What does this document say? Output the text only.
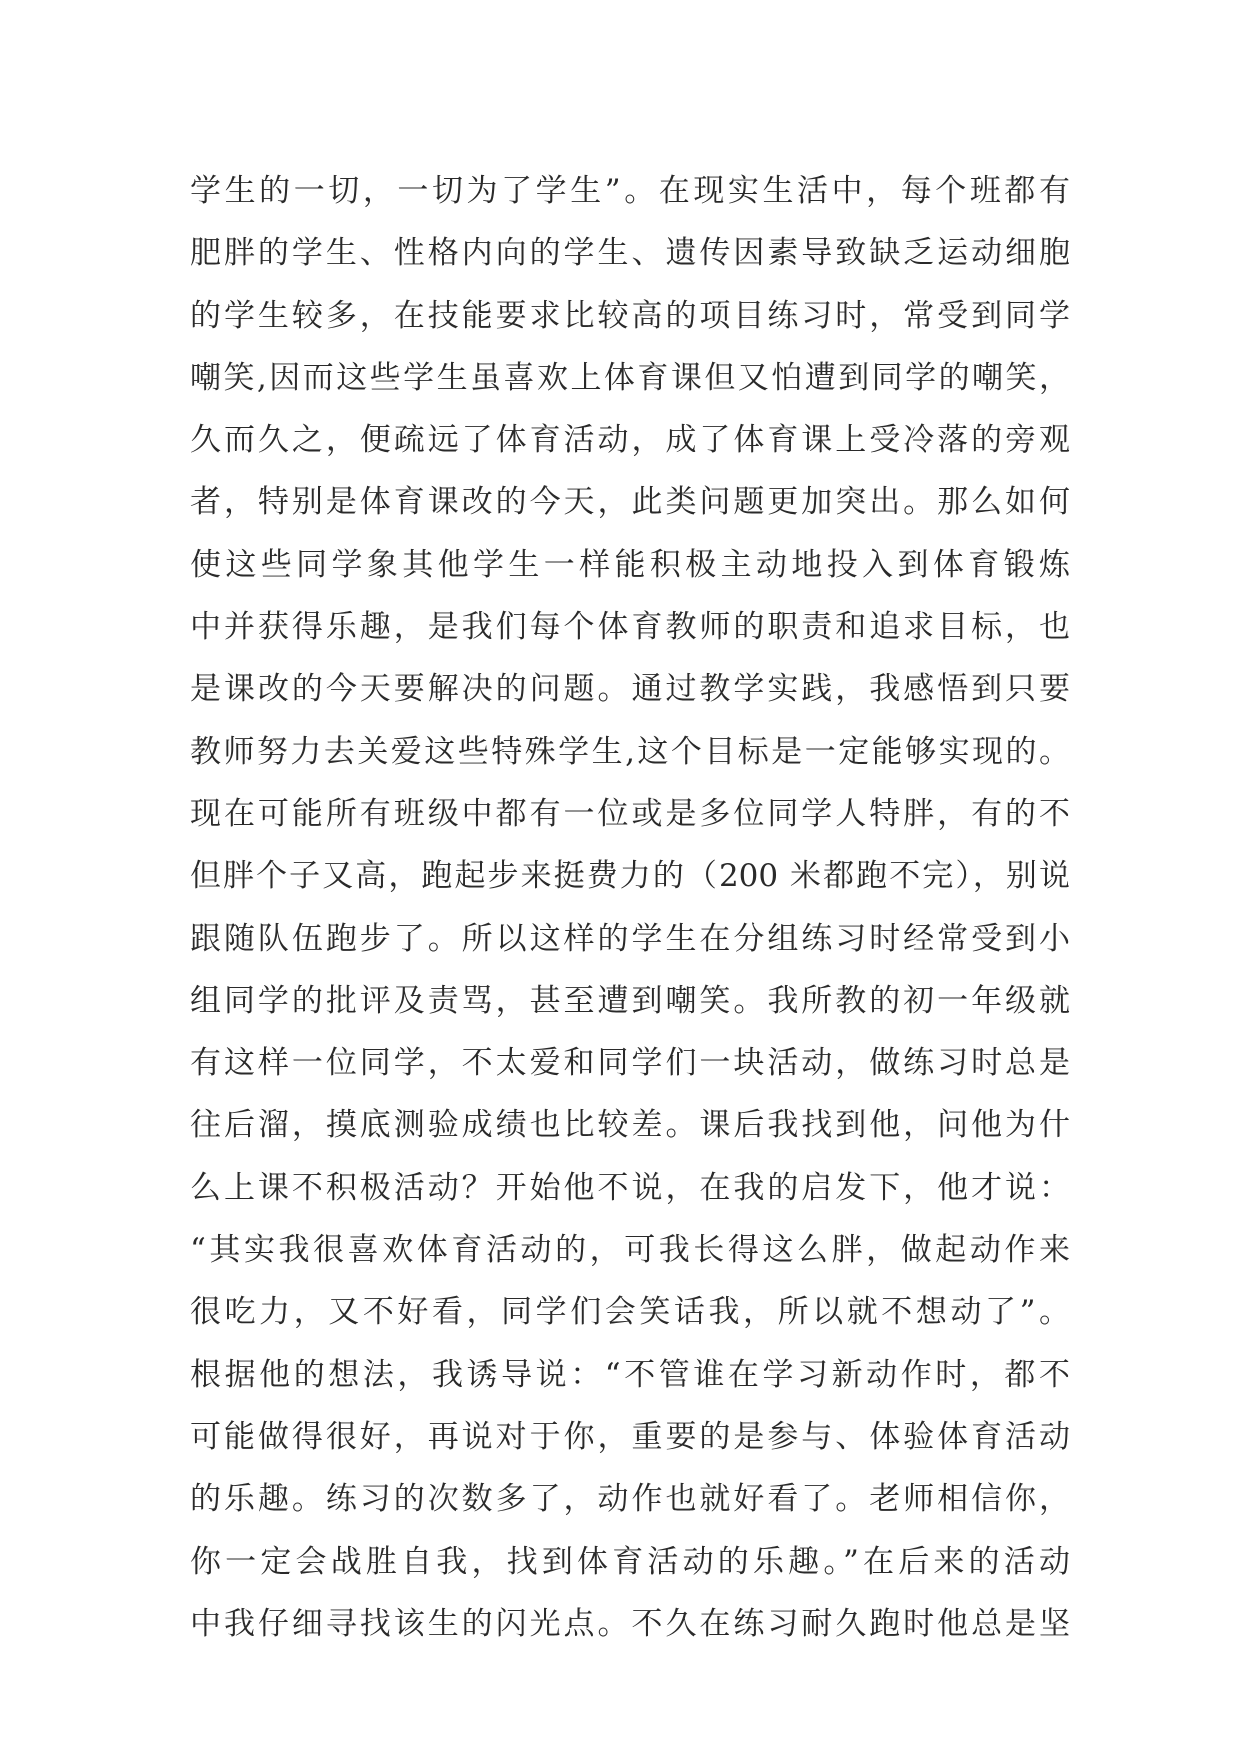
学生的一切，一切为了学生”。在现实生活中，每个班都有
肥胖的学生、性格内向的学生、遗传因素导致缺乏运动细胞
的学生较多，在技能要求比较高的项目练习时，常受到同学
嘲笑,因而这些学生虽喜欢上体育课但又怕遭到同学的嘲笑，
久而久之，便疏远了体育活动，成了体育课上受冷落的旁观
者，特别是体育课改的今天，此类问题更加突出。那么如何
使这些同学象其他学生一样能积极主动地投入到体育锻炼
中并获得乐趣，是我们每个体育教师的职责和追求目标，也
是课改的今天要解决的问题。通过教学实践，我感悟到只要
教师努力去关爱这些特殊学生,这个目标是一定能够实现的。
现在可能所有班级中都有一位或是多位同学人特胖，有的不
但胖个子又高，跑起步来挺费力的（200 米都跑不完），别说
跟随队伍跑步了。所以这样的学生在分组练习时经常受到小
组同学的批评及责骂，甚至遭到嘲笑。我所教的初一年级就
有这样一位同学，不太爱和同学们一块活动，做练习时总是
往后溜，摸底测验成绩也比较差。课后我找到他，问他为什
么上课不积极活动？开始他不说，在我的启发下，他才说：
“其实我很喜欢体育活动的，可我长得这么胖，做起动作来
很吃力，又不好看，同学们会笑话我，所以就不想动了”。
根据他的想法，我诱导说：“不管谁在学习新动作时，都不
可能做得很好，再说对于你，重要的是参与、体验体育活动
的乐趣。练习的次数多了，动作也就好看了。老师相信你，
你一定会战胜自我，找到体育活动的乐趣。”在后来的活动
中我仔细寻找该生的闪光点。不久在练习耐久跑时他总是坚
